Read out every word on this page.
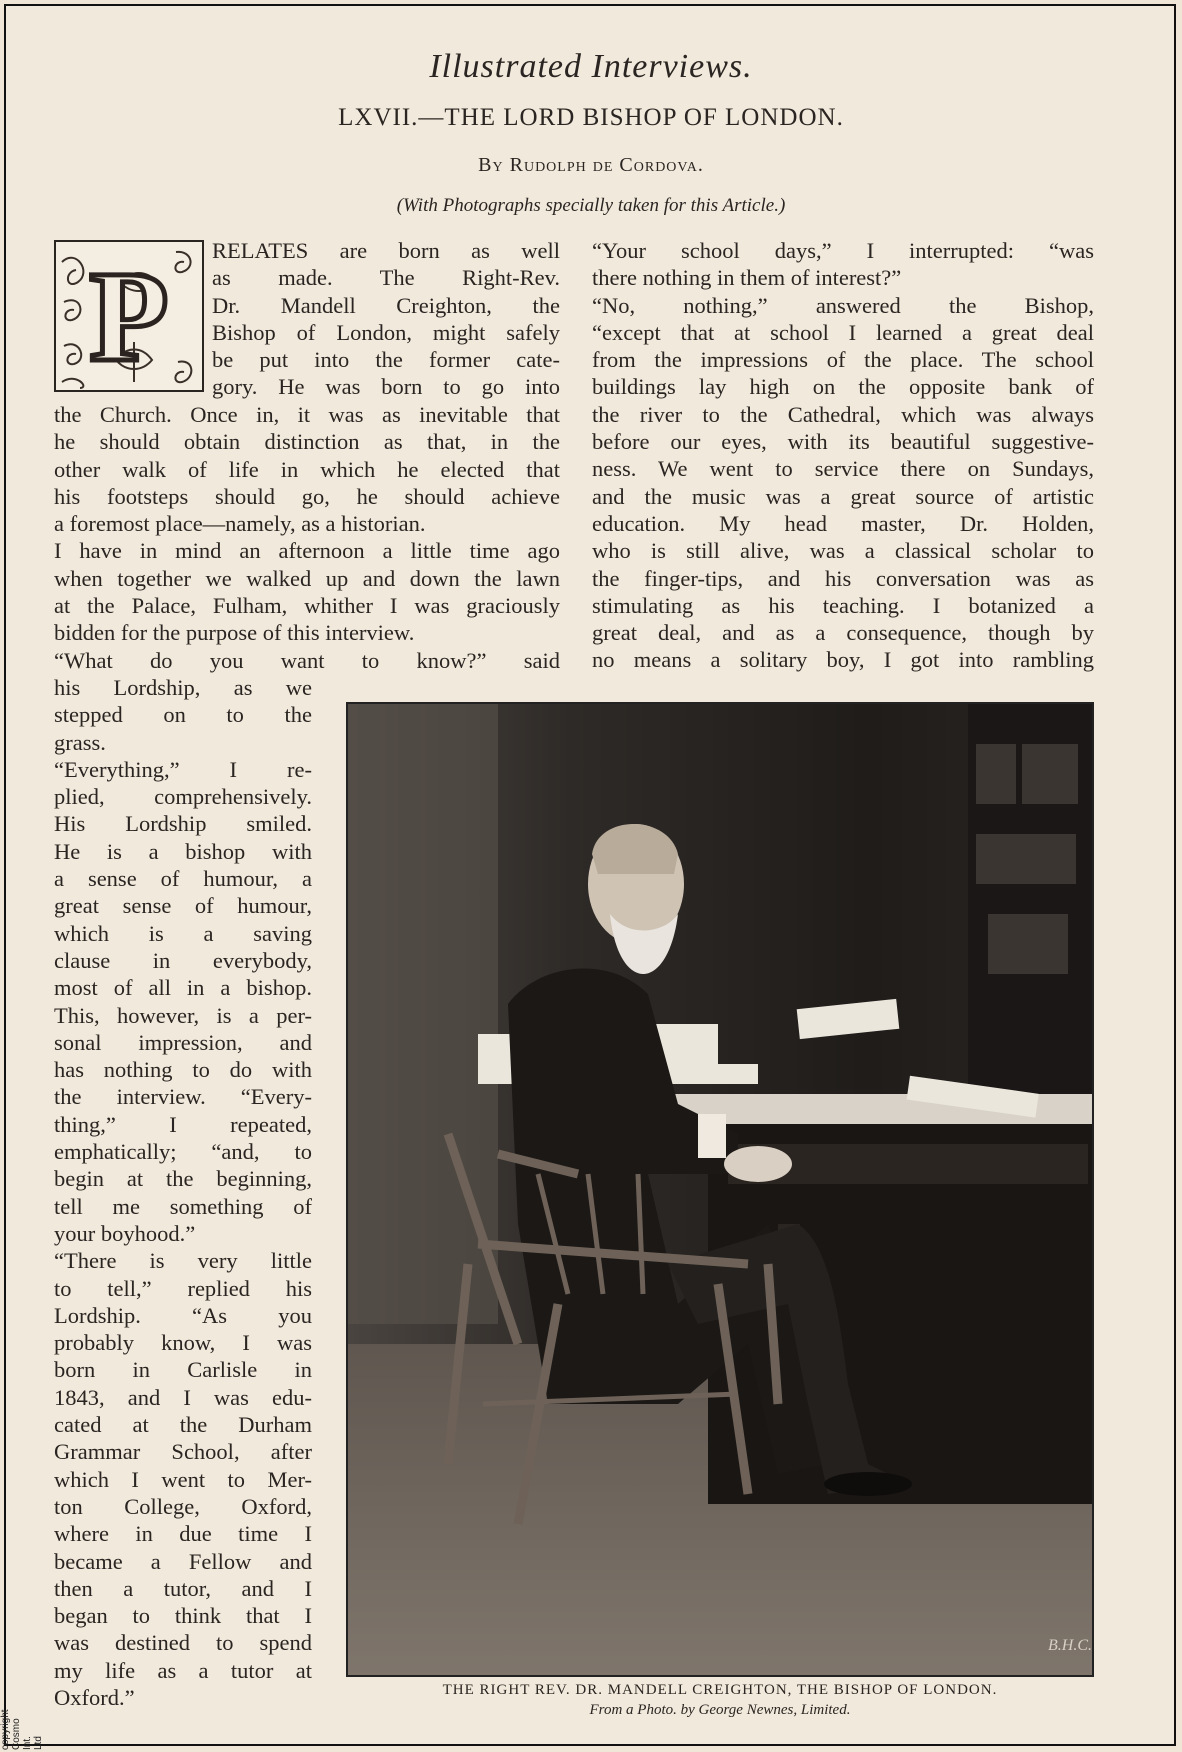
Illustrated Interviews.
LXVII.—THE LORD BISHOP OF LONDON.
By Rudolph de Cordova.
(With Photographs specially taken for this Article.)
P RELATES are born as well
as made. The Right-Rev.
Dr. Mandell Creighton, the
Bishop of London, might safely
be put into the former cate-
gory. He was born to go into
the Church. Once in, it was as inevitable that
he should obtain distinction as that, in the
other walk of life in which he elected that
his footsteps should go, he should achieve
a foremost place—namely, as a historian.
I have in mind an afternoon a little time ago
when together we walked up and down the lawn
at the Palace, Fulham, whither I was graciously
bidden for the purpose of this interview.
“What do you want to know?” said
his Lordship, as we
stepped on to the
grass.
“Everything,” I re-
plied, comprehensively.
His Lordship smiled.
He is a bishop with
a sense of humour, a
great sense of humour,
which is a saving
clause in everybody,
most of all in a bishop.
This, however, is a per-
sonal impression, and
has nothing to do with
the interview. “Every-
thing,” I repeated,
emphatically; “and, to
begin at the beginning,
tell me something of
your boyhood.”
“There is very little
to tell,” replied his
Lordship. “As you
probably know, I was
born in Carlisle in
1843, and I was edu-
cated at the Durham
Grammar School, after
which I went to Mer-
ton College, Oxford,
where in due time I
became a Fellow and
then a tutor, and I
began to think that I
was destined to spend
my life as a tutor at
Oxford.”
“Your school days,” I interrupted: “was
there nothing in them of interest?”
“No, nothing,” answered the Bishop,
“except that at school I learned a great deal
from the impressions of the place. The school
buildings lay high on the opposite bank of
the river to the Cathedral, which was always
before our eyes, with its beautiful suggestive-
ness. We went to service there on Sundays,
and the music was a great source of artistic
education. My head master, Dr. Holden,
who is still alive, was a classical scholar to
the finger-tips, and his conversation was as
stimulating as his teaching. I botanized a
great deal, and as a consequence, though by
no means a solitary boy, I got into rambling
B.H.C.
THE RIGHT REV. DR. MANDELL CREIGHTON, THE BISHOP OF LONDON.
From a Photo. by George Newnes, Limited.
copyright Cosmo Int. Ltd
